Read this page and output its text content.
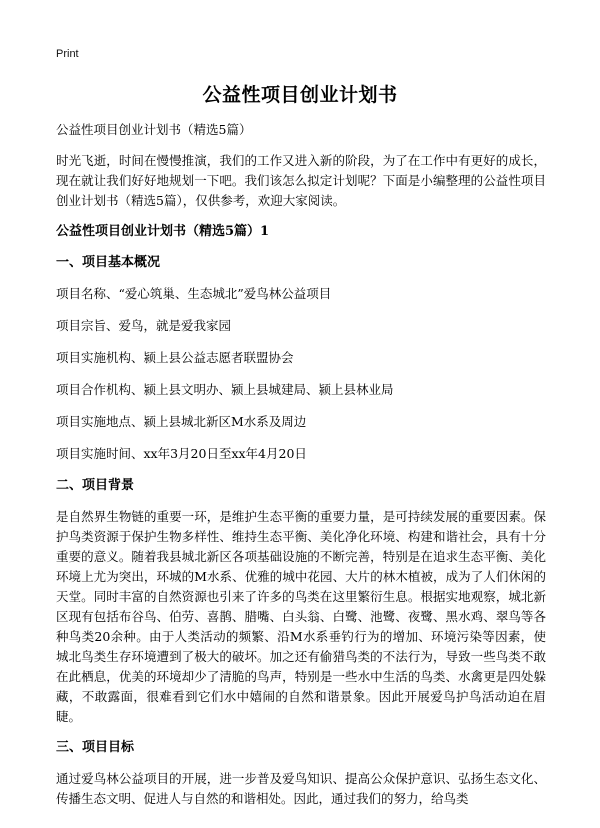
Print
公益性项目创业计划书

公益性项目创业计划书（精选5篇）

时光飞逝，时间在慢慢推演，我们的工作又进入新的阶段，为了在工作中有更好的成长，现在就让我们好好地规划一下吧。我们该怎么拟定计划呢？下面是小编整理的公益性项目创业计划书（精选5篇），仅供参考，欢迎大家阅读。

公益性项目创业计划书（精选5篇）1
一、项目基本概况
项目名称、“爱心筑巢、生态城北”爱鸟林公益项目
项目宗旨、爱鸟，就是爱我家园
项目实施机构、颍上县公益志愿者联盟协会
项目合作机构、颍上县文明办、颍上县城建局、颍上县林业局
项目实施地点、颍上县城北新区M水系及周边
项目实施时间、xx年3月20日至xx年4月20日
二、项目背景

是自然界生物链的重要一环，是维护生态平衡的重要力量，是可持续发展的重要因素。保护鸟类资源于保护生物多样性、维持生态平衡、美化净化环境、构建和谐社会，具有十分重要的意义。随着我县城北新区各项基础设施的不断完善，特别是在追求生态平衡、美化环境上尤为突出，环城的M水系、优雅的城中花园、大片的林木植被，成为了人们休闲的天堂。同时丰富的自然资源也引来了许多的鸟类在这里繁衍生息。根据实地观察，城北新区现有包括布谷鸟、伯劳、喜鹊、腊嘴、白头翁、白鹭、池鹭、夜鹭、黑水鸡、翠鸟等各种鸟类20余种。由于人类活动的频繁、沿M水系垂钓行为的增加、环境污染等因素，使城北鸟类生存环境遭到了极大的破坏。加之还有偷猎鸟类的不法行为，导致一些鸟类不敢在此栖息，优美的环境却少了清脆的鸟声，特别是一些水中生活的鸟类、水禽更是四处躲藏，不敢露面，很难看到它们水中嬉闹的自然和谐景象。因此开展爱鸟护鸟活动迫在眉睫。

三、项目目标

通过爱鸟林公益项目的开展，进一步普及爱鸟知识、提高公众保护意识、弘扬生态文化、传播生态文明、促进人与自然的和谐相处。因此，通过我们的努力，给鸟类
